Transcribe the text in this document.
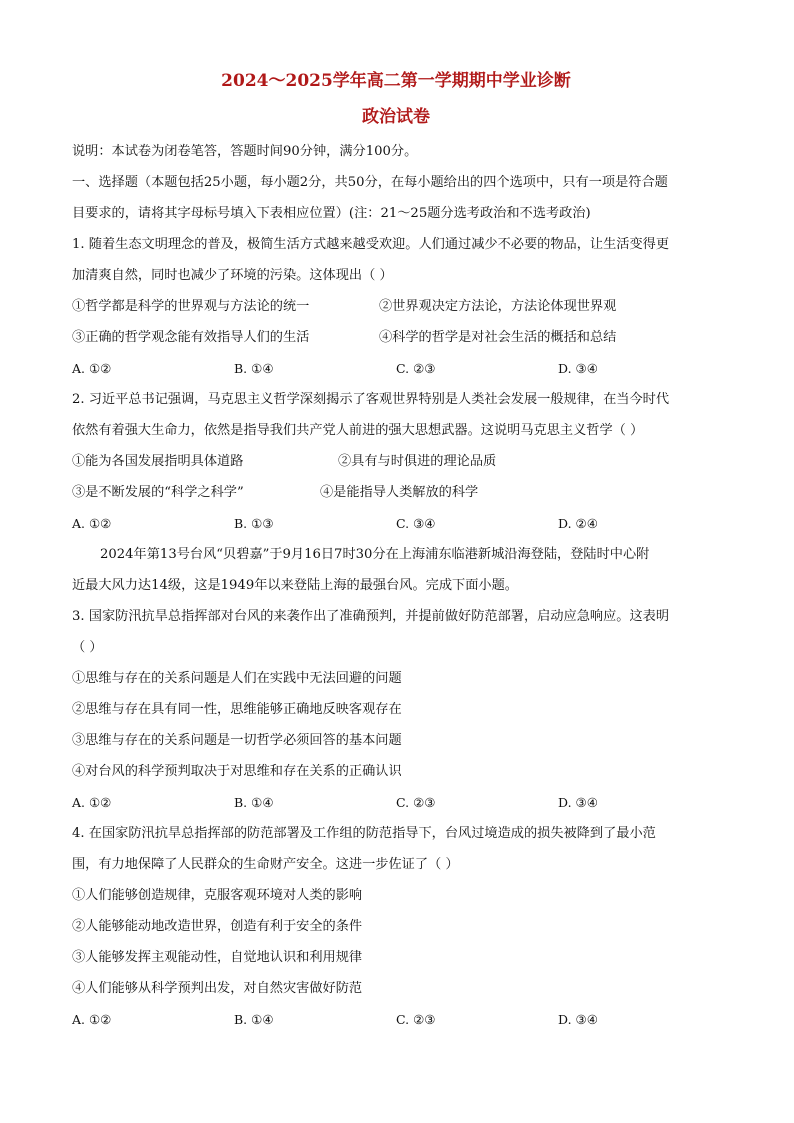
2024～2025学年高二第一学期期中学业诊断
政治试卷

说明：本试卷为闭卷笔答，答题时间90分钟，满分100分。

一、选择题（本题包括25小题，每小题2分，共50分，在每小题给出的四个选项中，只有一项是符合题

目要求的，请将其字母标号填入下表相应位置）(注：21～25题分选考政治和不选考政治)

1. 随着生态文明理念的普及，极简生活方式越来越受欢迎。人们通过减少不必要的物品，让生活变得更

加清爽自然，同时也减少了环境的污染。这体现出（ ）

①哲学都是科学的世界观与方法论的统一	②世界观决定方法论，方法论体现世界观

③正确的哲学观念能有效指导人们的生活	④科学的哲学是对社会生活的概括和总结

A. ①②	B. ①④	C. ②③	D. ③④

2. 习近平总书记强调，马克思主义哲学深刻揭示了客观世界特别是人类社会发展一般规律，在当今时代

依然有着强大生命力，依然是指导我们共产党人前进的强大思想武器。这说明马克思主义哲学（ ）

①能为各国发展指明具体道路	②具有与时俱进的理论品质

③是不断发展的“科学之科学”	④是能指导人类解放的科学

A. ①②	B. ①③	C. ③④	D. ②④

2024年第13号台风“贝碧嘉”于9月16日7时30分在上海浦东临港新城沿海登陆，登陆时中心附

近最大风力达14级，这是1949年以来登陆上海的最强台风。完成下面小题。

3. 国家防汛抗旱总指挥部对台风的来袭作出了准确预判，并提前做好防范部署，启动应急响应。这表明

（ ）

①思维与存在的关系问题是人们在实践中无法回避的问题

②思维与存在具有同一性，思维能够正确地反映客观存在

③思维与存在的关系问题是一切哲学必须回答的基本问题

④对台风的科学预判取决于对思维和存在关系的正确认识

A. ①②	B. ①④	C. ②③	D. ③④

4. 在国家防汛抗旱总指挥部的防范部署及工作组的防范指导下，台风过境造成的损失被降到了最小范

围，有力地保障了人民群众的生命财产安全。这进一步佐证了（ ）

①人们能够创造规律，克服客观环境对人类的影响

②人能够能动地改造世界，创造有利于安全的条件

③人能够发挥主观能动性，自觉地认识和利用规律

④人们能够从科学预判出发，对自然灾害做好防范

A. ①②	B. ①④	C. ②③	D. ③④
